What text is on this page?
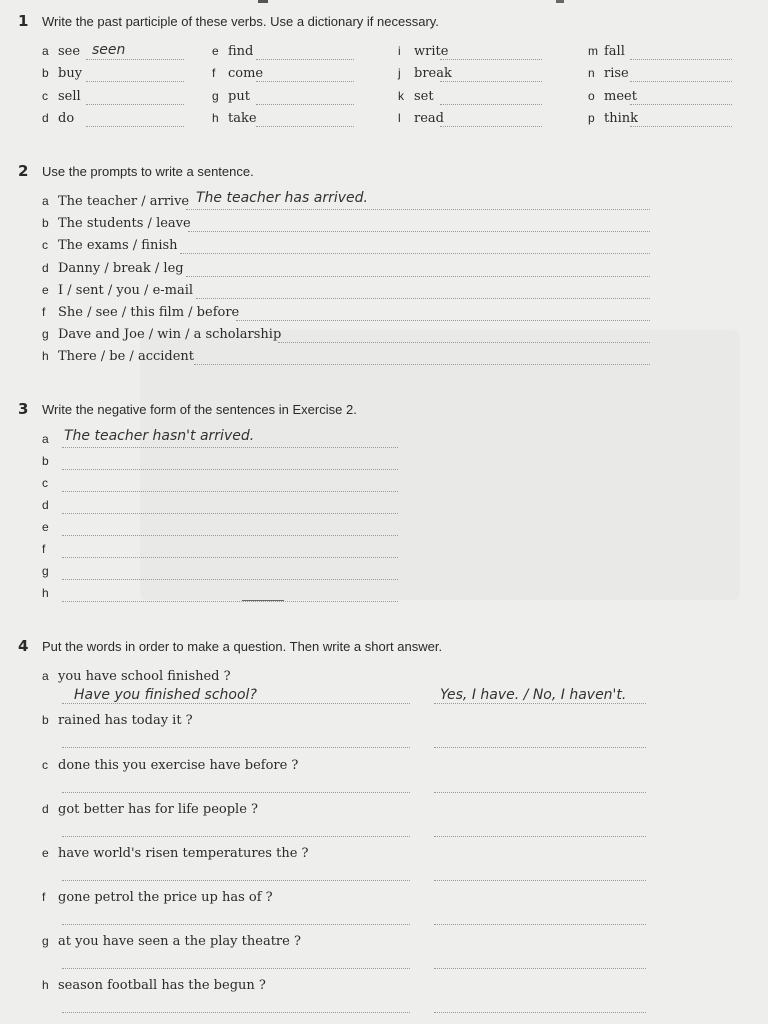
1	Write the past participle of these verbs. Use a dictionary if necessary.
a see seen
b buy
c sell
d do
e find
f come
g put
h take
i	write
j	break
k set
l	read
m fall
n rise
o meet
p think
2	Use the prompts to write a sentence.
a The teacher / arrive The teacher has arrived.
b The students / leave
c The exams / finish
d Danny / break / leg
e I / sent / you / e-mail
f She / see / this film / before
g Dave and Joe / win / a scholarship
h There / be / accident
3	Write the negative form of the sentences in Exercise 2.
a	The teacher hasn't arrived.
b
c
d
e
f
g
h
4	Put the words in order to make a question. Then write a short answer.
a you have school finished ?
Have you finished school?	Yes, I have. / No, I haven't.
b rained has today it ?
c done this you exercise have before ?
d got better has for life people ?
e have world's risen temperatures the ?
f gone petrol the price up has of ?
g at you have seen a the play theatre ?
h season football has the begun ?
